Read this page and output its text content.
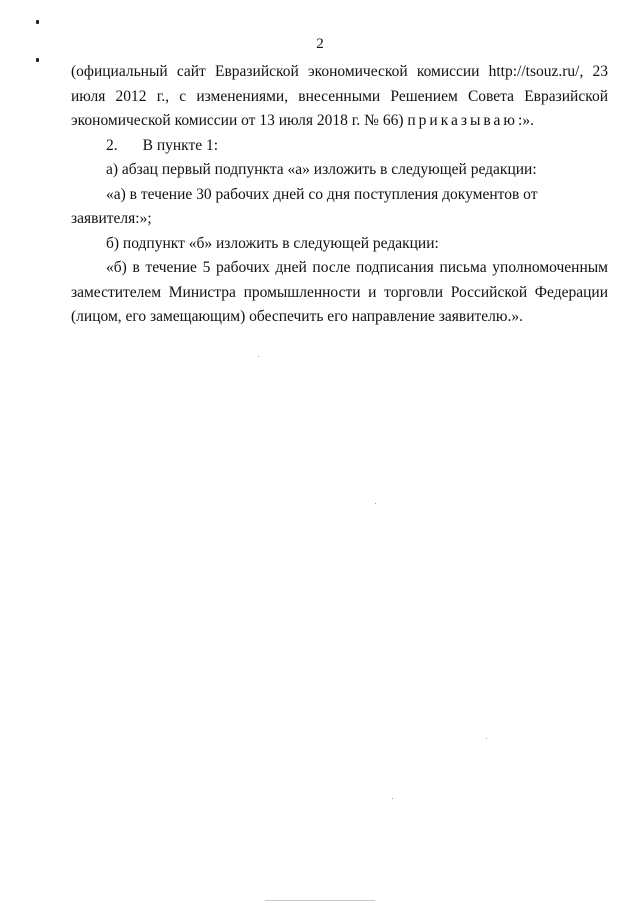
2

(официальный сайт Евразийской экономической комиссии http://tsouz.ru/, 23 июля 2012 г., с изменениями, внесенными Решением Совета Евразийской экономической комиссии от 13 июля 2018 г. № 66) приказываю:».

2. В пункте 1:

а) абзац первый подпункта «а» изложить в следующей редакции:

«а) в течение 30 рабочих дней со дня поступления документов от заявителя:»;

б) подпункт «б» изложить в следующей редакции:

«б) в течение 5 рабочих дней после подписания письма уполномоченным заместителем Министра промышленности и торговли Российской Федерации (лицом, его замещающим) обеспечить его направление заявителю.».
